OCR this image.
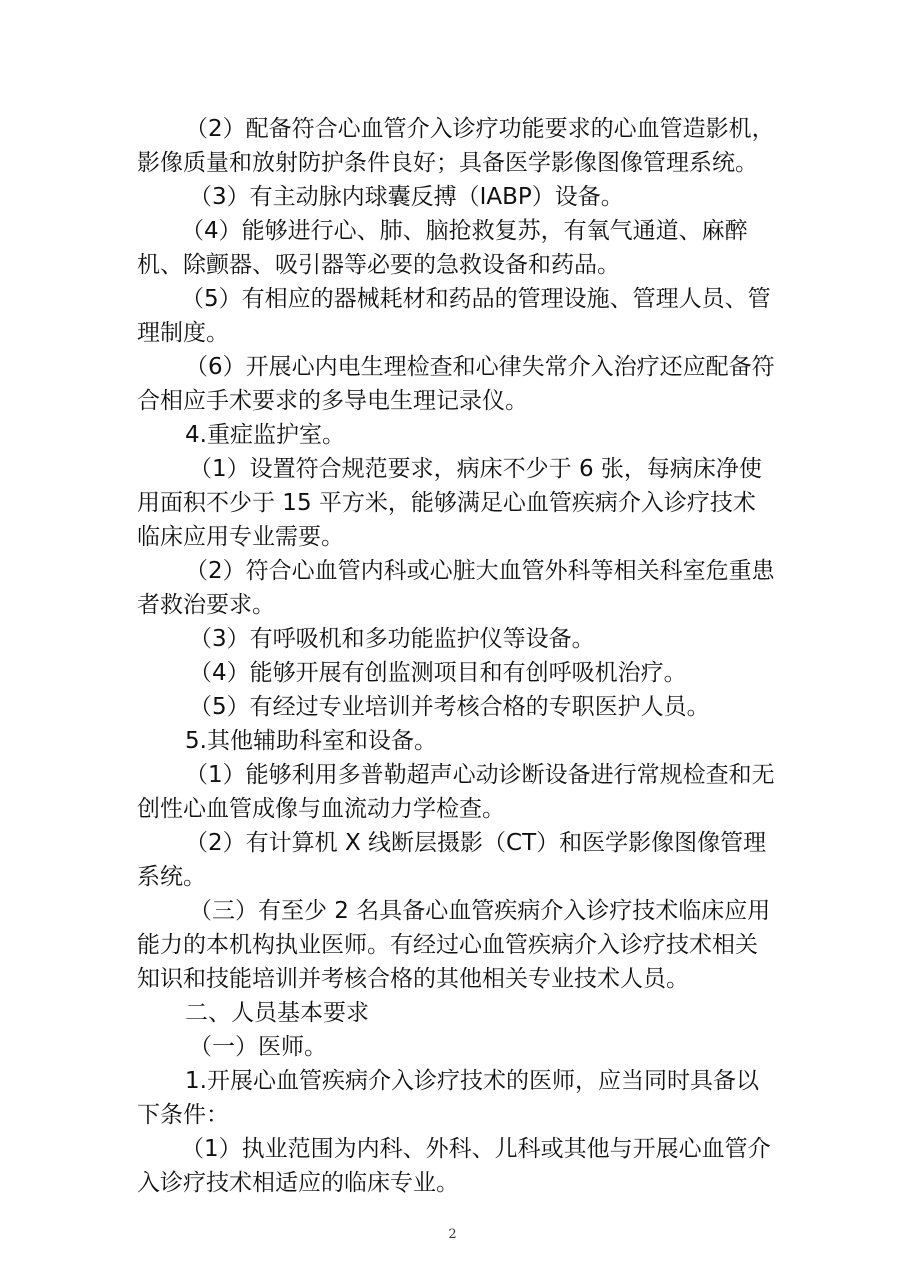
（2）配备符合心血管介入诊疗功能要求的心血管造影机，影像质量和放射防护条件良好；具备医学影像图像管理系统。

（3）有主动脉内球囊反搏（IABP）设备。

（4）能够进行心、肺、脑抢救复苏，有氧气通道、麻醉机、除颤器、吸引器等必要的急救设备和药品。

（5）有相应的器械耗材和药品的管理设施、管理人员、管理制度。

（6）开展心内电生理检查和心律失常介入治疗还应配备符合相应手术要求的多导电生理记录仪。

4.重症监护室。

（1）设置符合规范要求，病床不少于 6 张，每病床净使用面积不少于 15 平方米，能够满足心血管疾病介入诊疗技术临床应用专业需要。

（2）符合心血管内科或心脏大血管外科等相关科室危重患者救治要求。

（3）有呼吸机和多功能监护仪等设备。

（4）能够开展有创监测项目和有创呼吸机治疗。

（5）有经过专业培训并考核合格的专职医护人员。

5.其他辅助科室和设备。

（1）能够利用多普勒超声心动诊断设备进行常规检查和无创性心血管成像与血流动力学检查。

（2）有计算机 X 线断层摄影（CT）和医学影像图像管理系统。

（三）有至少 2 名具备心血管疾病介入诊疗技术临床应用能力的本机构执业医师。有经过心血管疾病介入诊疗技术相关知识和技能培训并考核合格的其他相关专业技术人员。

二、人员基本要求

（一）医师。

1.开展心血管疾病介入诊疗技术的医师，应当同时具备以下条件：

（1）执业范围为内科、外科、儿科或其他与开展心血管介入诊疗技术相适应的临床专业。

2
